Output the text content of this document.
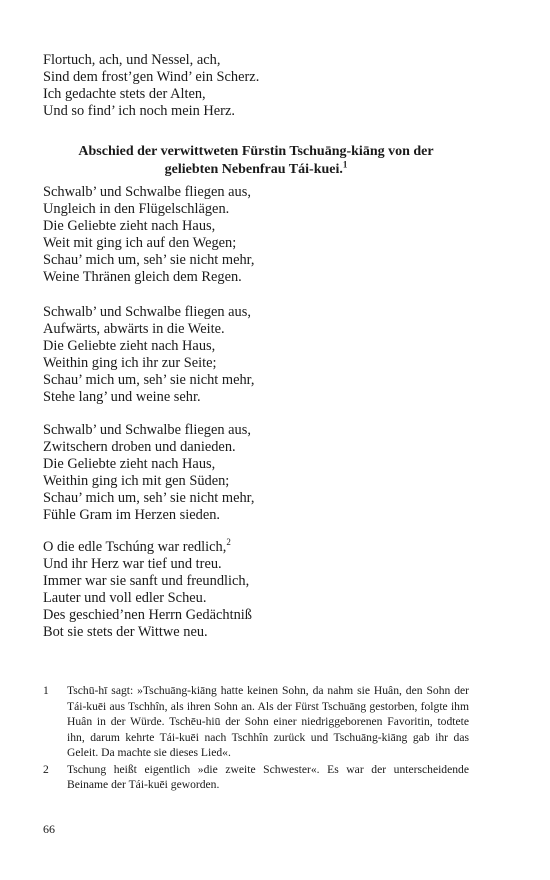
Flortuch, ach, und Nessel, ach,
Sind dem frost’gen Wind’ ein Scherz.
Ich gedachte stets der Alten,
Und so find’ ich noch mein Herz.
Abschied der verwittweten Fürstin Tschuāng-kiāng von der
geliebten Nebenfrau Tái-kuei.$^1$
Schwalb’ und Schwalbe fliegen aus,
Ungleich in den Flügelschlägen.
Die Geliebte zieht nach Haus,
Weit mit ging ich auf den Wegen;
Schau’ mich um, seh’ sie nicht mehr,
Weine Thränen gleich dem Regen.
Schwalb’ und Schwalbe fliegen aus,
Aufwärts, abwärts in die Weite.
Die Geliebte zieht nach Haus,
Weithin ging ich ihr zur Seite;
Schau’ mich um, seh’ sie nicht mehr,
Stehe lang’ und weine sehr.
Schwalb’ und Schwalbe fliegen aus,
Zwitschern droben und danieden.
Die Geliebte zieht nach Haus,
Weithin ging ich mit gen Süden;
Schau’ mich um, seh’ sie nicht mehr,
Fühle Gram im Herzen sieden.
O die edle Tschúng war redlich,$^2$
Und ihr Herz war tief und treu.
Immer war sie sanft und freundlich,
Lauter und voll edler Scheu.
Des geschied’nen Herrn Gedächtniß
Bot sie stets der Wittwe neu.
1 Tschū-hī sagt: »Tschuāng-kiāng hatte keinen Sohn, da nahm sie Huân, den Sohn der Tái-kuēi aus Tschhîn, als ihren Sohn an. Als der Fürst Tschuāng gestorben, folgte ihm Huân in der Würde. Tschēu-hiū der Sohn einer niedriggeborenen Favoritin, todtete ihn, darum kehrte Tái-kuēi nach Tschhîn zurück und Tschuāng-kiāng gab ihr das Geleit. Da machte sie dieses Lied«.
2 Tschung heißt eigentlich »die zweite Schwester«. Es war der unterscheidende Beiname der Tái-kuēi geworden.
66
